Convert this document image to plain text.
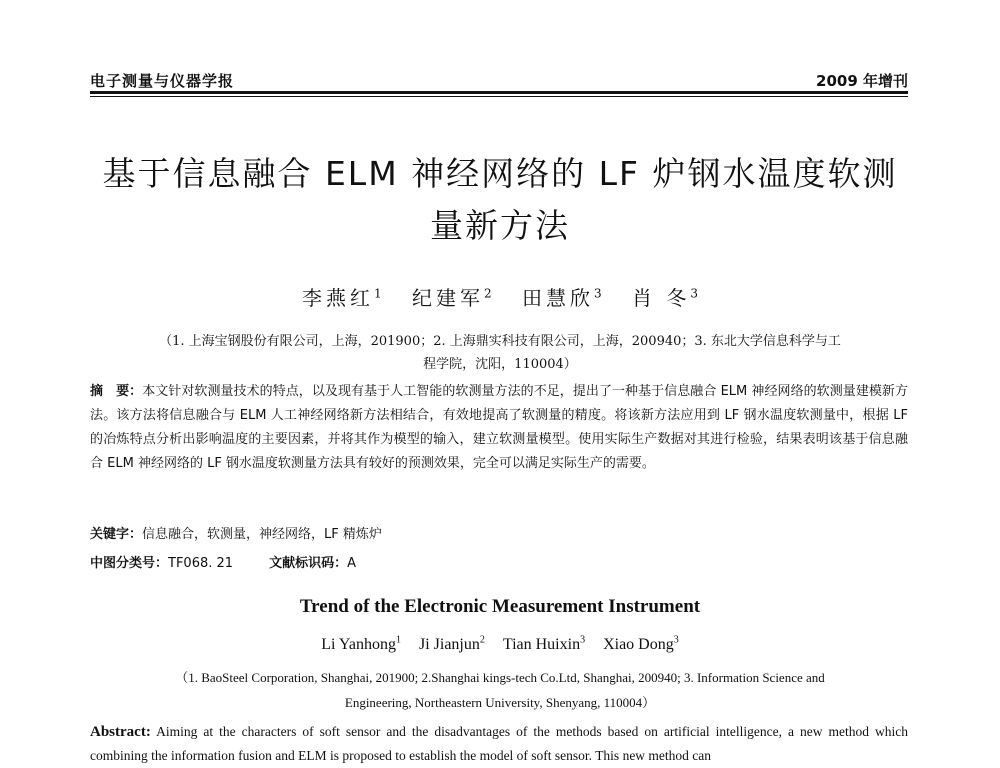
电子测量与仪器学报	2009 年增刊
基于信息融合 ELM 神经网络的 LF 炉钢水温度软测
量新方法
李燕红$^1$ 纪建军$^2$ 田慧欣$^3$ 肖 冬$^3$
（1. 上海宝钢股份有限公司，上海，201900；2. 上海鼎实科技有限公司，上海，200940；3. 东北大学信息科学与工
程学院，沈阳，110004）
摘　要：本文针对软测量技术的特点，以及现有基于人工智能的软测量方法的不足，提出了一种基于信息融合 ELM 神经网络的软测量建模新方法。该方法将信息融合与 ELM 人工神经网络新方法相结合，有效地提高了软测量的精度。将该新方法应用到 LF 钢水温度软测量中，根据 LF 的冶炼特点分析出影响温度的主要因素，并将其作为模型的输入，建立软测量模型。使用实际生产数据对其进行检验，结果表明该基于信息融合 ELM 神经网络的 LF 钢水温度软测量方法具有较好的预测效果，完全可以满足实际生产的需要。
关键字：信息融合，软测量，神经网络，LF 精炼炉
中图分类号：TF068. 21	文献标识码：A
Trend of the Electronic Measurement Instrument
Li Yanhong$^1$ Ji Jianjun$^2$ Tian Huixin$^3$ Xiao Dong$^3$
（1. BaoSteel Corporation, Shanghai, 201900; 2.Shanghai kings-tech Co.Ltd, Shanghai, 200940; 3. Information Science and
Engineering, Northeastern University, Shenyang, 110004）
Abstract: Aiming at the characters of soft sensor and the disadvantages of the methods based on artificial intelligence, a new method which combining the information fusion and ELM is proposed to establish the model of soft sensor. This new method can
